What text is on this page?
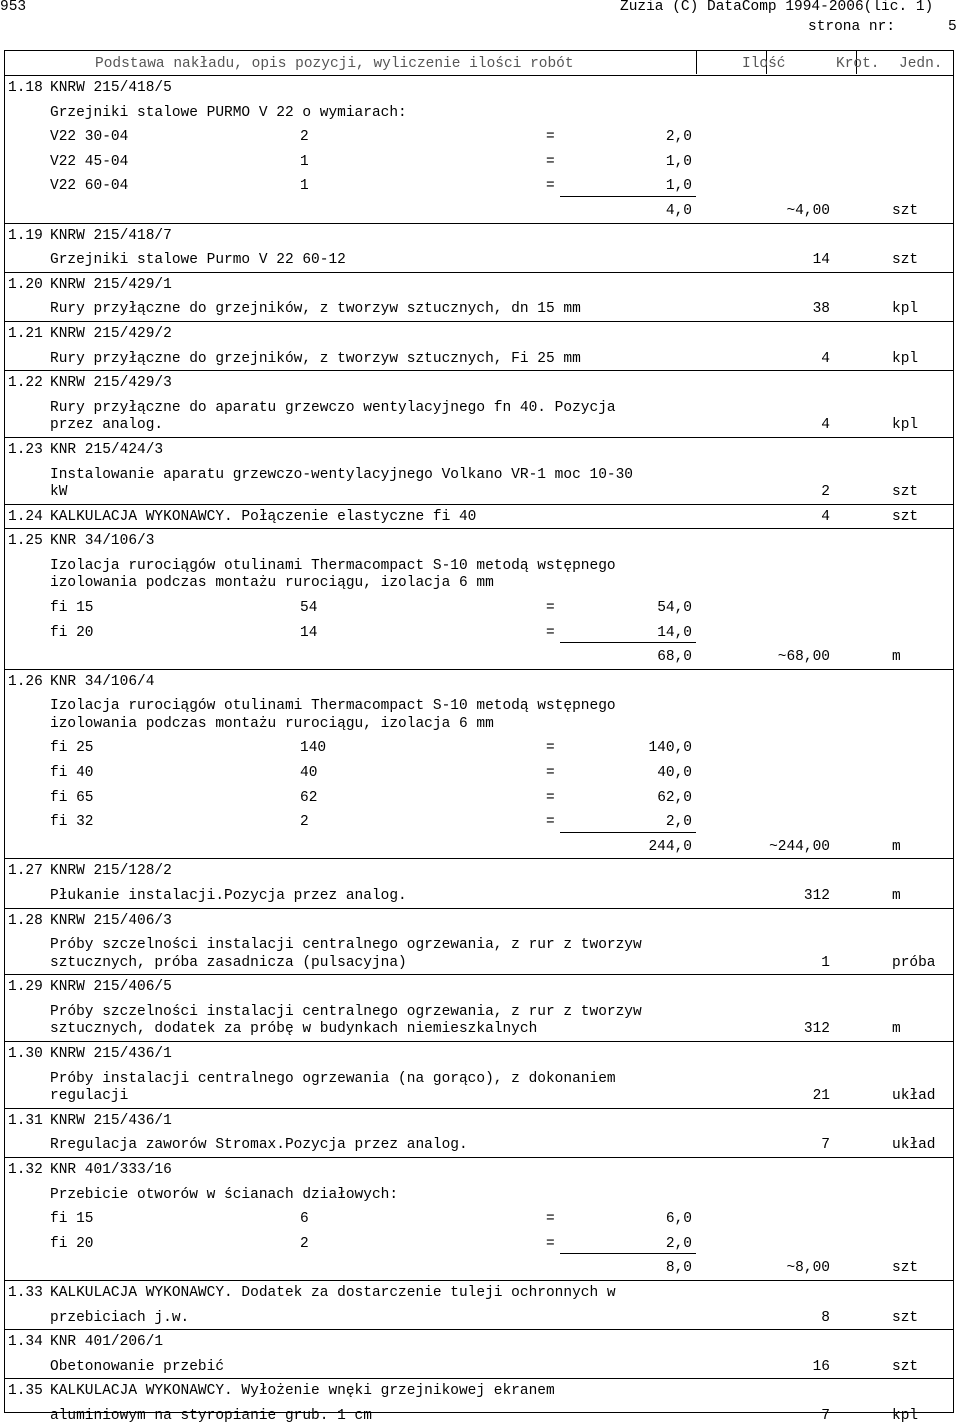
953	Zuzia (C) DataComp 1994-2006(lic. 1)
strona nr:	5
Podstawa nakładu, opis pozycji, wyliczenie ilości robót	Ilość	Krot. Jedn.
1.18 KNRW 215/418/5
Grzejniki stalowe PURMO V 22 o wymiarach:
V22 30-04	2	=	2,0
V22 45-04	1	=	1,0
V22 60-04	1	=	1,0
4,0	~4,00	szt
1.19 KNRW 215/418/7
Grzejniki stalowe Purmo V 22 60-12	14	szt
1.20 KNRW 215/429/1
Rury przyłączne do grzejników, z tworzyw sztucznych, dn 15 mm	38	kpl
1.21 KNRW 215/429/2
Rury przyłączne do grzejników, z tworzyw sztucznych, Fi 25 mm	4	kpl
1.22 KNRW 215/429/3
Rury przyłączne do aparatu grzewczo wentylacyjnego fn 40. Pozycja
przez analog.	4	kpl
1.23 KNR 215/424/3
Instalowanie aparatu grzewczo-wentylacyjnego Volkano VR-1 moc 10-30
kW	2	szt
1.24 KALKULACJA WYKONAWCY. Połączenie elastyczne fi 40	4	szt
1.25 KNR 34/106/3
Izolacja rurociągów otulinami Thermacompact S-10 metodą wstępnego
izolowania podczas montażu rurociągu, izolacja 6 mm
fi 15	54	=	54,0
fi 20	14	=	14,0
68,0	~68,00	m
1.26 KNR 34/106/4
Izolacja rurociągów otulinami Thermacompact S-10 metodą wstępnego
izolowania podczas montażu rurociągu, izolacja 6 mm
fi 25	140	=	140,0
fi 40	40	=	40,0
fi 65	62	=	62,0
fi 32	2	=	2,0
244,0	~244,00	m
1.27 KNRW 215/128/2
Płukanie instalacji.Pozycja przez analog.	312	m
1.28 KNRW 215/406/3
Próby szczelności instalacji centralnego ogrzewania, z rur z tworzyw
sztucznych, próba zasadnicza (pulsacyjna)	1	próba
1.29 KNRW 215/406/5
Próby szczelności instalacji centralnego ogrzewania, z rur z tworzyw
sztucznych, dodatek za próbę w budynkach niemieszkalnych	312	m
1.30 KNRW 215/436/1
Próby instalacji centralnego ogrzewania (na gorąco), z dokonaniem
regulacji	21	układ
1.31 KNRW 215/436/1
Rregulacja zaworów Stromax.Pozycja przez analog.	7	układ
1.32 KNR 401/333/16
Przebicie otworów w ścianach działowych:
fi 15	6	=	6,0
fi 20	2	=	2,0
8,0	~8,00	szt
1.33 KALKULACJA WYKONAWCY. Dodatek za dostarczenie tuleji ochronnych w
przebiciach j.w.	8	szt
1.34 KNR 401/206/1
Obetonowanie przebić	16	szt
1.35 KALKULACJA WYKONAWCY. Wyłożenie wnęki grzejnikowej ekranem
aluminiowym na styropianie grub. 1 cm	7	kpl
